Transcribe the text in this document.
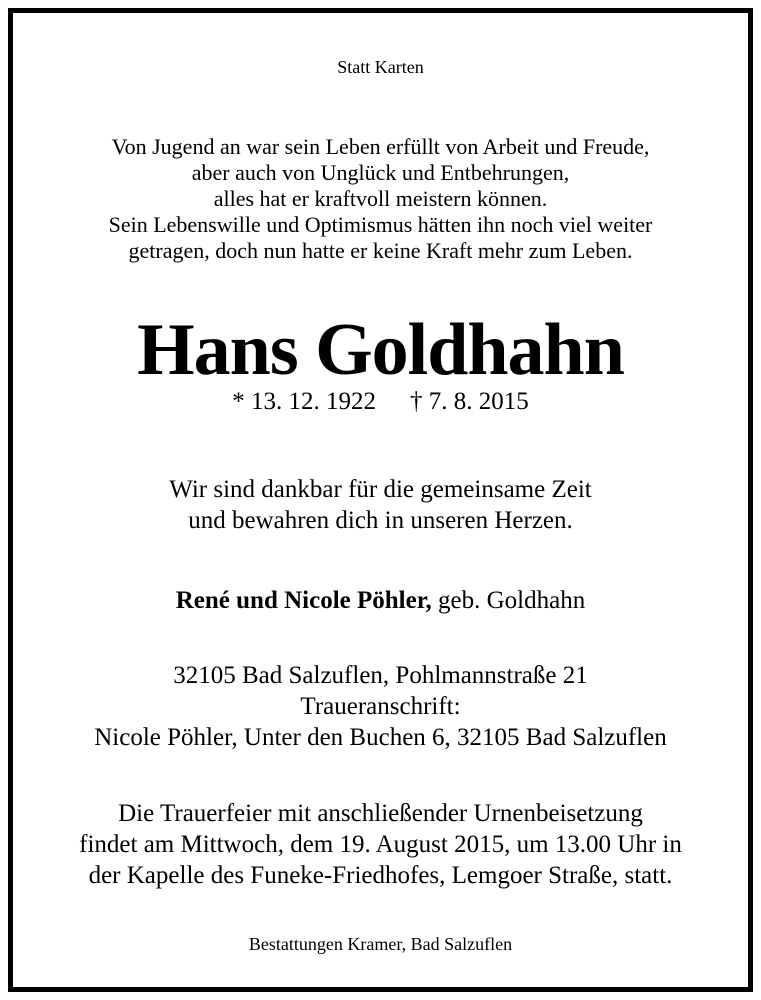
Statt Karten
Von Jugend an war sein Leben erfüllt von Arbeit und Freude,
aber auch von Unglück und Entbehrungen,
alles hat er kraftvoll meistern können.
Sein Lebenswille und Optimismus hätten ihn noch viel weiter
getragen, doch nun hatte er keine Kraft mehr zum Leben.
Hans Goldhahn
* 13. 12. 1922 † 7. 8. 2015
Wir sind dankbar für die gemeinsame Zeit
und bewahren dich in unseren Herzen.
René und Nicole Pöhler, geb. Goldhahn
32105 Bad Salzuflen, Pohlmannstraße 21
Traueranschrift:
Nicole Pöhler, Unter den Buchen 6, 32105 Bad Salzuflen
Die Trauerfeier mit anschließender Urnenbeisetzung
findet am Mittwoch, dem 19. August 2015, um 13.00 Uhr in
der Kapelle des Funeke-Friedhofes, Lemgoer Straße, statt.
Bestattungen Kramer, Bad Salzuflen
